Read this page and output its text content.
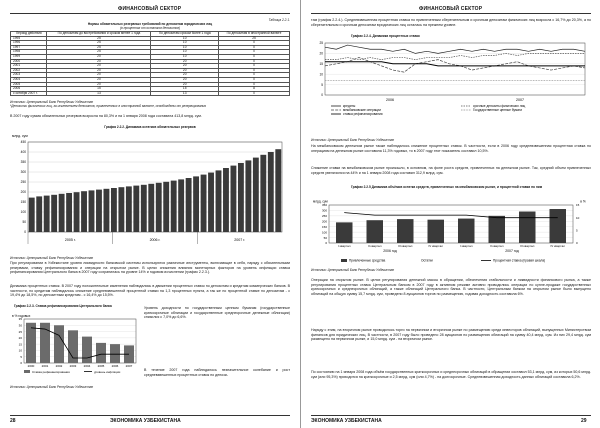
ФИНАНСОВЫЙ СЕКТОР
Таблица 2.2.1.
Нормы обязательных резервных требований по депозитам юридических лиц
(в процентах от остатков депозитов)
Период действия	По депозитам до востребования и сроком менее 1 года	По депозитам сроком более 1 года	По депозитам в иностранной валюте
1995	25	10	25
1996	25	10	0
1997	25	10	0
1998	25	10	0
1999	20	10	0
2000	20	20	0
2001	20	20	0
2002	20	20	0
2003	20	20	0
2004	20	20	0
2005	20	20	0
2006	15	15	8
с октября 2007 г.	13	13	0
Источник: Центральный Банк Республики Узбекистан
*Депозиты физических лиц, за исключением депозитов, привлеченных в иностранной валюте, освобождены от резервирования
В 2007 году сумма обязательных резервов возросла на 80,3% и на 1 января 2008 года составила 413,8 млрд. сум.
График 2.2.2. Динамика остатков обязательных резервов
млрд. сум
0
50
100
150
200
250
300
350
400
450
2005 г.	2006 г.	2007 г.
Источник: Центральный Банк Республики Узбекистан
При регулировании в Узбекистане уровня ликвидности банковской системы используются различные инструменты, включающие в себя, наряду с обязательными резервами, ставку рефинансирования и операции на открытом рынке. В целях снижения влияния монетарных факторов на уровень инфляции ставка рефинансирования Центрального банка в 2007 году сохранилась на уровне 14% и годовом исчислении (график 2.2.3.).
Динамика процентных ставок. В 2007 году положительные изменения наблюдались в движении процентных ставок по депозитам и кредитам коммерческих банков. В частности, по кредитам наблюдалось снижение средневзвешенной процентной ставки на 1,3 процентных пункта, а так же по процентной ставке по депозитам - с 19,4% до 18,5%, по депозитным кредитам - с 16,4% до 15,5%.
График 2.2.3. Ставка рефинансирования Центрального банка
в % годовых
0
5
10
15
20
25
30
35
2000 2001 2002 2003 2004 2005 2006 2007
Ставка рефинансирования	уровень инфляции
Источник: Центральный Банк Республики Узбекистан
Уровень доходности по государственным ценным бумагам (государственные краткосрочные облигации и государственные среднесрочные денежные облигации) снизился с 7,0% до 6,6%.
В течение 2007 года наблюдалось незначительное колебание и рост средневзвешенных процентных ставок по депози-
28	ЭКОНОМИКА УЗБЕКИСТАНА
ФИНАНСОВЫЙ СЕКТОР
там (график 2.2.4.). Средневзвешенная процентная ставка по привлеченным сберегательным и срочным депозитам физических лиц возросла с 16,7% до 20,3%, а по сберегательным и срочным депозитам юридических лиц осталась на прежнем уровне.
График 2.2.4. Динамика процентных ставок
0
5
10
15
20
25
2006	2007
кредиты	срочные депозиты физических лиц
межбанковские операции	Государственные ценные бумаги
ставка рефинансирования
Источник: Центральный Банк Республики Узбекистан
На межбанковском денежном рынке также наблюдалось снижение процентных ставок. В частности, если в 2006 году средневзвешенная процентная ставка по операциям на денежном рынке составила 11,3% годовых, то в 2007 году этот показатель составил 10,5%.
Снижение ставки на межбанковском рынке произошло, в основном, на фоне роста средств, привлеченных на денежном рынке. Так, средний объем привлеченных средств увеличился на 44% и на 1 января 2008 года составил 312,9 млрд. сум.
График 2.2.5 Динамика объёмов остатка средств, привлеченных на межбанковском рынке, и процентной ставки по ним
млрд. сум	в %
0
50
100
150
200
250
300
350
0
5
10
15
I квартал	II квартал	III квартал	IV квартал	I квартал	II квартал	III квартал	IV квартал
2006 год	2007 год
Привлеченные средства	Остатки	Процентная ставка (правая шкала)
Источник: Центральный Банк Республики Узбекистан
Операции на открытом рынке. В целях регулирования денежной массы в обращении, обеспечения стабильности и ликвидности финансового рынка, а также регулирования процентных ставок Центральным банком в 2007 году в активном режиме активно проводились операции по купле-продаже государственных краткосрочных и среднесрочных облигаций, а также облигаций Центрального банка. В частности, Центральным банком на открытом рынке было выпущено облигаций на общую сумму 15,7 млрд. сум, проведено 8 аукционов торгов по размещению, годовая доходность составила 6%.
Наряду с этим, на вторичном рынке проводилось торги на первичном и вторичном рынке по размещению среди инвесторов облигаций, выпущенных Министерством финансов для юридических лиц. В частности, в 2007 году было проведено 28 аукционов по размещению облигаций на сумму 40,4 млрд. сум. Из них 29,4 млрд. сум размещено на первичном рынке, и 15,0 млрд. сум - на вторичном рынке.
По состоянию на 1 января 2008 года объём государственных краткосрочных и среднесрочных облигаций в обращении составил 53,1 млрд. сум, из которых 50,6 млрд. сум (или 95,3%) приходится на краткосрочные и 2,5 млрд. сум (или 4,7%) - на долгосрочные. Средневзвешенная доходность данных облигаций составила 6,2%.
ЭКОНОМИКА УЗБЕКИСТАНА	29
